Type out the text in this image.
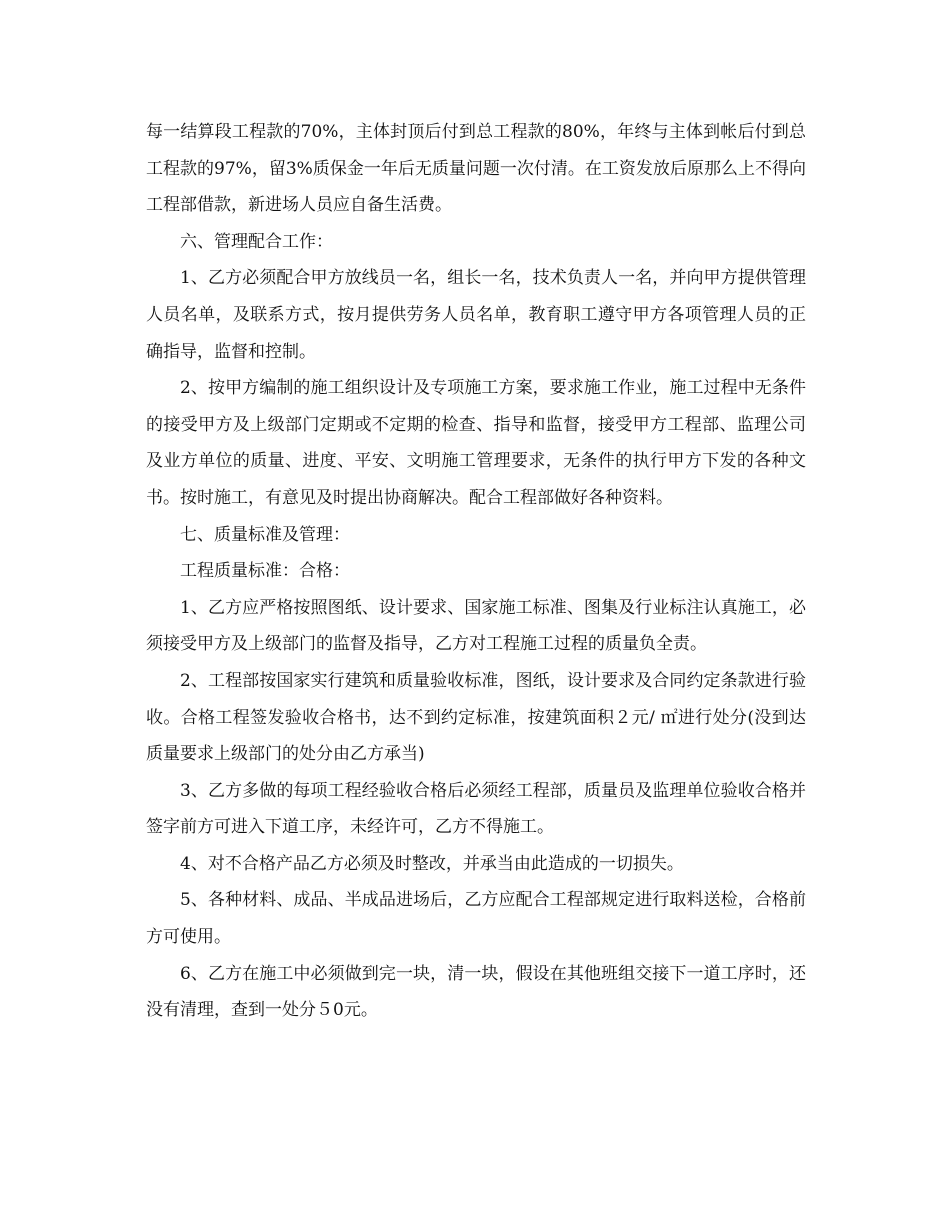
每一结算段工程款的70%，主体封顶后付到总工程款的80%，年终与主体到帐后付到总工程款的97%，留3%质保金一年后无质量问题一次付清。在工资发放后原那么上不得向工程部借款，新进场人员应自备生活费。

六、管理配合工作：

1、乙方必须配合甲方放线员一名，组长一名，技术负责人一名，并向甲方提供管理人员名单，及联系方式，按月提供劳务人员名单，教育职工遵守甲方各项管理人员的正确指导，监督和控制。

2、按甲方编制的施工组织设计及专项施工方案，要求施工作业，施工过程中无条件的接受甲方及上级部门定期或不定期的检查、指导和监督，接受甲方工程部、监理公司及业方单位的质量、进度、平安、文明施工管理要求，无条件的执行甲方下发的各种文书。按时施工，有意见及时提出协商解决。配合工程部做好各种资料。

七、质量标准及管理：

工程质量标准：合格：

1、乙方应严格按照图纸、设计要求、国家施工标准、图集及行业标注认真施工，必须接受甲方及上级部门的监督及指导，乙方对工程施工过程的质量负全责。

2、工程部按国家实行建筑和质量验收标准，图纸，设计要求及合同约定条款进行验收。合格工程签发验收合格书，达不到约定标准，按建筑面积２元/ ㎡进行处分(没到达质量要求上级部门的处分由乙方承当)

3、乙方多做的每项工程经验收合格后必须经工程部，质量员及监理单位验收合格并签字前方可进入下道工序，未经许可，乙方不得施工。

4、对不合格产品乙方必须及时整改，并承当由此造成的一切损失。

5、各种材料、成品、半成品进场后，乙方应配合工程部规定进行取料送检，合格前方可使用。

6、乙方在施工中必须做到完一块，清一块，假设在其他班组交接下一道工序时，还没有清理，查到一处分５0元。
